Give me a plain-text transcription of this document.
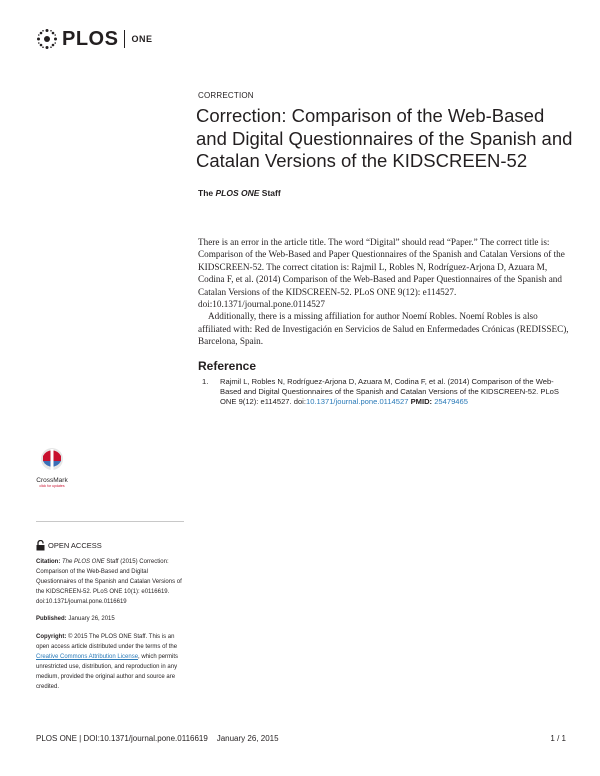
PLOS ONE
CORRECTION
Correction: Comparison of the Web-Based and Digital Questionnaires of the Spanish and Catalan Versions of the KIDSCREEN-52
The PLOS ONE Staff

There is an error in the article title. The word “Digital” should read “Paper.” The correct title is: Comparison of the Web-Based and Paper Questionnaires of the Spanish and Catalan Versions of the KIDSCREEN-52. The correct citation is: Rajmil L, Robles N, Rodríguez-Arjona D, Azuara M, Codina F, et al. (2014) Comparison of the Web-Based and Paper Questionnaires of the Spanish and Catalan Versions of the KIDSCREEN-52. PLoS ONE 9(12): e114527. doi:10.1371/journal.pone.0114527

Additionally, there is a missing affiliation for author Noemí Robles. Noemí Robles is also affiliated with: Red de Investigación en Servicios de Salud en Enfermedades Crónicas (REDISSEC), Barcelona, Spain.

Reference
1.	Rajmil L, Robles N, Rodríguez-Arjona D, Azuara M, Codina F, et al. (2014) Comparison of the Web-Based and Digital Questionnaires of the Spanish and Catalan Versions of the KIDSCREEN-52. PLoS ONE 9(12): e114527. doi:10.1371/journal.pone.0114527 PMID: 25479465
CrossMark
click for updates
OPEN ACCESS
Citation: The PLOS ONE Staff (2015) Correction: Comparison of the Web-Based and Digital Questionnaires of the Spanish and Catalan Versions of the KIDSCREEN-52. PLoS ONE 10(1): e0116619. doi:10.1371/journal.pone.0116619
Published: January 26, 2015
Copyright: © 2015 The PLOS ONE Staff. This is an open access article distributed under the terms of the Creative Commons Attribution License, which permits unrestricted use, distribution, and reproduction in any medium, provided the original author and source are credited.
PLOS ONE | DOI:10.1371/journal.pone.0116619    January 26, 2015	1 / 1
